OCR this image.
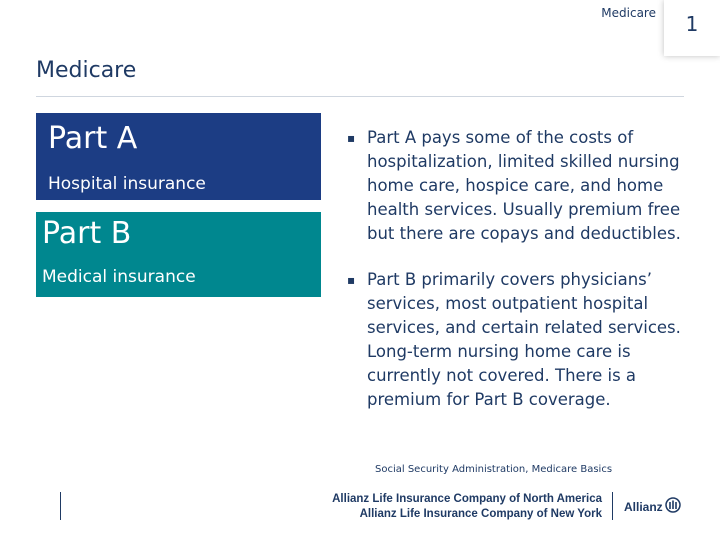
Medicare	1
Medicare
Part A
Hospital insurance
Part B
Medical insurance
▪ Part A pays some of the costs of hospitalization, limited skilled nursing home care, hospice care, and home health services. Usually premium free but there are copays and deductibles.
▪ Part B primarily covers physicians’ services, most outpatient hospital services, and certain related services. Long-term nursing home care is currently not covered. There is a premium for Part B coverage.
Social Security Administration, Medicare Basics
Allianz Life Insurance Company of North America
Allianz Life Insurance Company of New York Allianz
